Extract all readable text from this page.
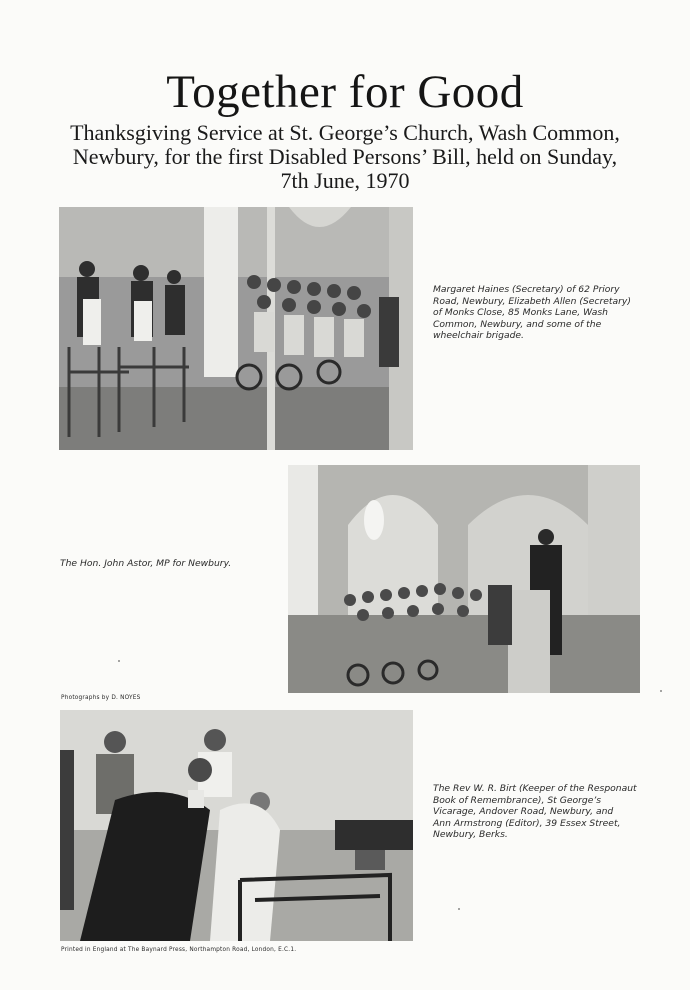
Together for Good
Thanksgiving Service at St. George’s Church, Wash Common,
Newbury, for the first Disabled Persons’ Bill, held on Sunday,
7th June, 1970
Margaret Haines (Secretary) of 62 Priory
Road, Newbury, Elizabeth Allen (Secretary)
of Monks Close, 85 Monks Lane, Wash
Common, Newbury, and some of the
wheelchair brigade.
The Hon. John Astor, MP for Newbury.
Photographs by D. NOYES
The Rev W. R. Birt (Keeper of the Responaut
Book of Remembrance), St George’s
Vicarage, Andover Road, Newbury, and
Ann Armstrong (Editor), 39 Essex Street,
Newbury, Berks.
Printed in England at The Baynard Press, Northampton Road, London, E.C.1.
